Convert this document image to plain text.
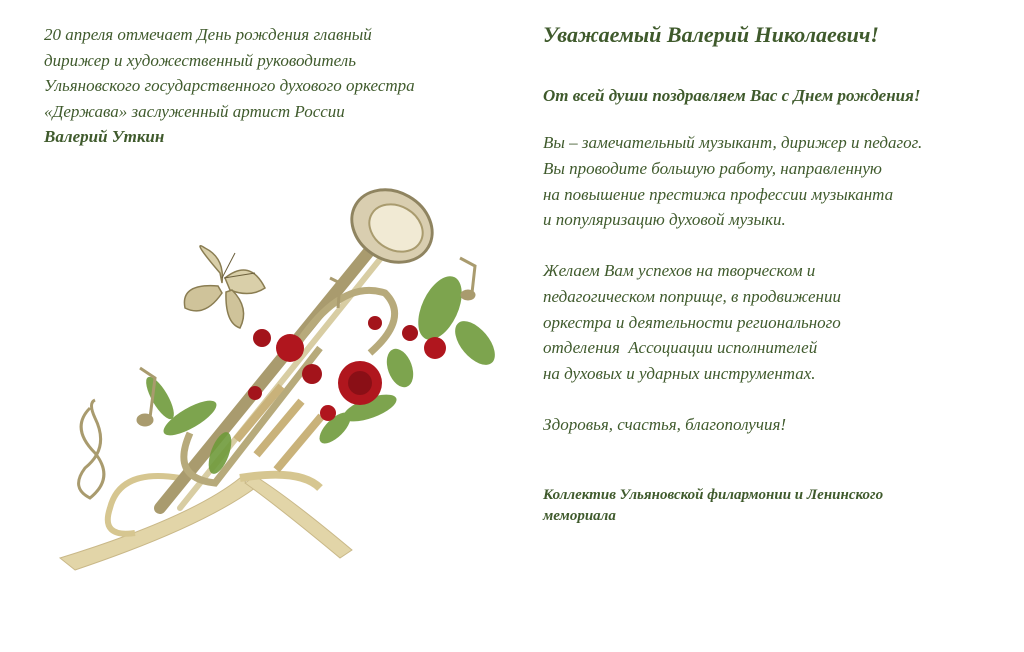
20 апреля отмечает День рождения главный
дирижер и художественный руководитель
Ульяновского государственного духового оркестра
«Держава» заслуженный артист России
Валерий Уткин
Уважаемый Валерий Николаевич!
От всей души поздравляем Вас с Днем рождения!
Вы – замечательный музыкант, дирижер и педагог.
Вы проводите большую работу, направленную
на повышение престижа профессии музыканта
и популяризацию духовой музыки.
Желаем Вам успехов на творческом и
педагогическом поприще, в продвижении
оркестра и деятельности регионального
отделения  Ассоциации исполнителей
на духовых и ударных инструментах.
Здоровья, счастья, благополучия!
Коллектив Ульяновской филармонии и Ленинского
мемориала
